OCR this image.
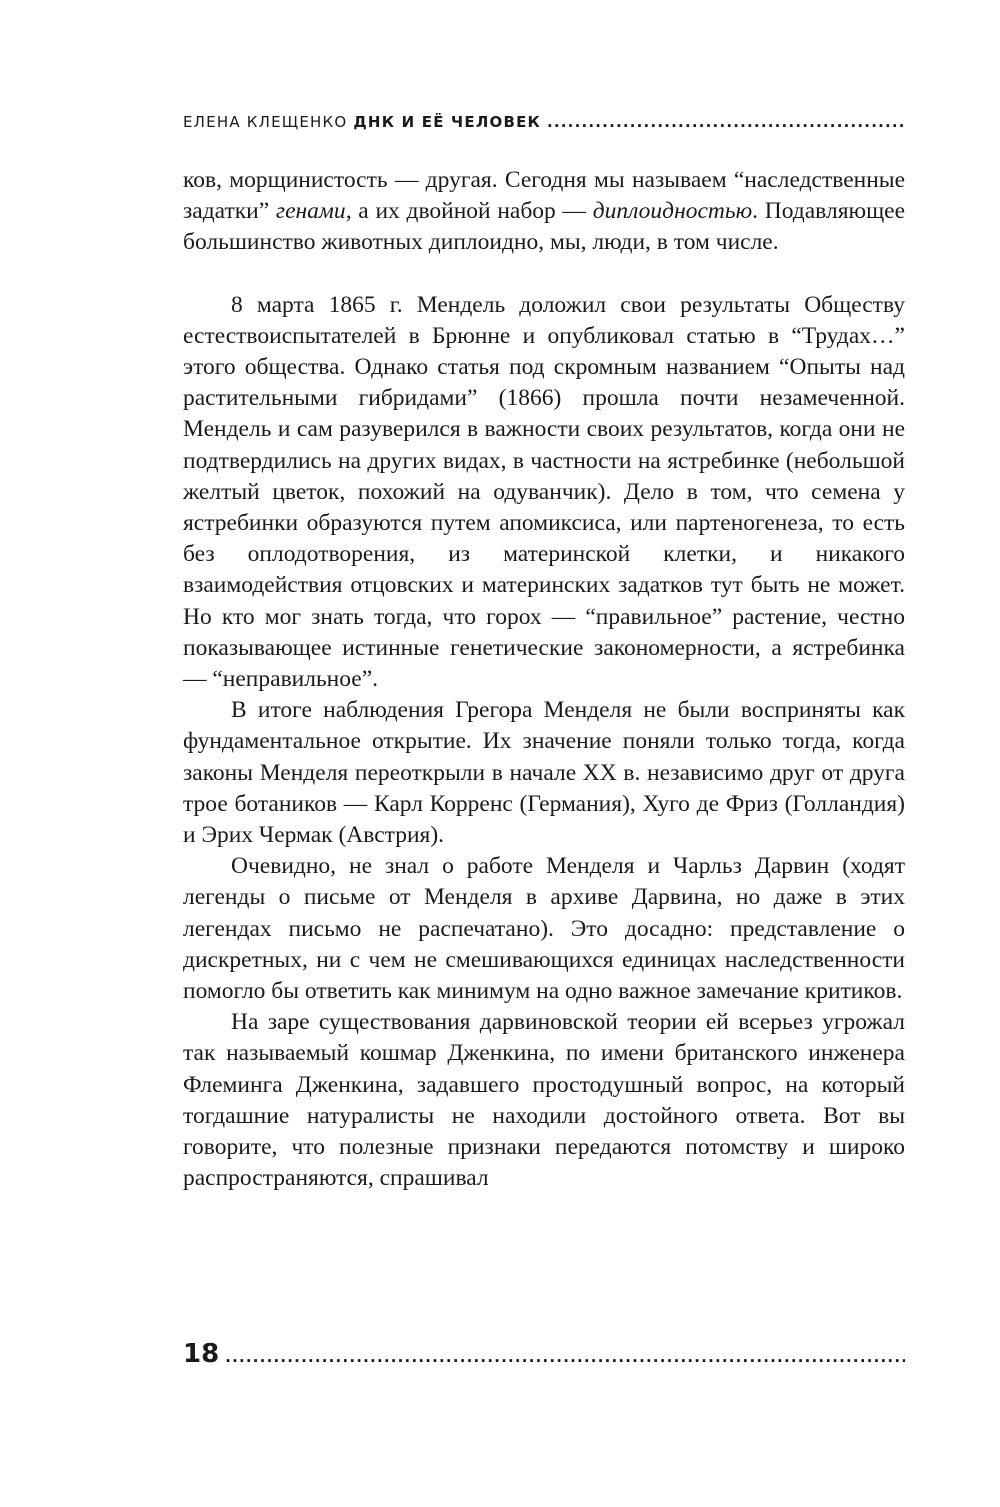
ЕЛЕНА КЛЕЩЕНКО ДНК И ЕЁ ЧЕЛОВЕК
.....

ков, морщинистость — другая. Сегодня мы называем “наследственные задатки” генами, а их двойной набор — диплоидностью. Подавляющее большинство животных диплоидно, мы, люди, в том числе.

8 марта 1865 г. Мендель доложил свои результаты Обществу естествоиспытателей в Брюнне и опубликовал статью в “Трудах…” этого общества. Однако статья под скромным названием “Опыты над растительными гибридами” (1866) прошла почти незамеченной. Мендель и сам разуверился в важности своих результатов, когда они не подтвердились на других видах, в частности на ястребинке (небольшой желтый цветок, похожий на одуванчик). Дело в том, что семена у ястребинки образуются путем апомиксиса, или партеногенеза, то есть без оплодотворения, из материнской клетки, и никакого взаимодействия отцовских и материнских задатков тут быть не может. Но кто мог знать тогда, что горох — “правильное” растение, честно показывающее истинные генетические закономерности, а ястребинка — “неправильное”.

В итоге наблюдения Грегора Менделя не были восприняты как фундаментальное открытие. Их значение поняли только тогда, когда законы Менделя переоткрыли в начале XX в. независимо друг от друга трое ботаников — Карл Корренс (Германия), Хуго де Фриз (Голландия) и Эрих Чермак (Австрия).

Очевидно, не знал о работе Менделя и Чарльз Дарвин (ходят легенды о письме от Менделя в архиве Дарвина, но даже в этих легендах письмо не распечатано). Это досадно: представление о дискретных, ни с чем не смешивающихся единицах наследственности помогло бы ответить как минимум на одно важное замечание критиков.

На заре существования дарвиновской теории ей всерьез угрожал так называемый кошмар Дженкина, по имени британского инженера Флеминга Дженкина, задавшего простодушный вопрос, на который тогдашние натуралисты не находили достойного ответа. Вот вы говорите, что полезные признаки передаются потомству и широко распространяются, спрашивал

18
.....
